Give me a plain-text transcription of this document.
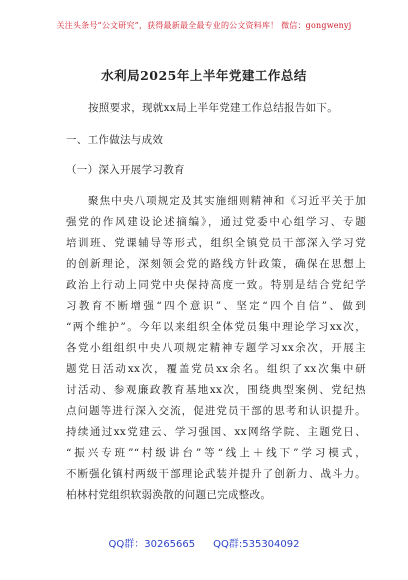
关注头条号“公文研究”，获得最新最全最专业的公文资料库！ 微信：gongwenyj
水利局2025年上半年党建工作总结
按照要求，现就xx局上半年党建工作总结报告如下。
一、工作做法与成效
（一）深入开展学习教育
聚焦中央八项规定及其实施细则精神和《习近平关于加
强党的作风建设论述摘编》，通过党委中心组学习、专题
培训班、党课辅导等形式，组织全镇党员干部深入学习党
的创新理论，深刻领会党的路线方针政策，确保在思想上
政治上行动上同党中央保持高度一致。特别是结合党纪学
习教育不断增强“四个意识”、坚定“四个自信”、做到
“两个维护”。今年以来组织全体党员集中理论学习xx次，
各党小组组织中央八项规定精神专题学习xx余次，开展主
题党日活动xx次，覆盖党员xx余名。组织了xx次集中研
讨活动、参观廉政教育基地xx次，围绕典型案例、党纪热
点问题等进行深入交流，促进党员干部的思考和认识提升。
持续通过xx党建云、学习强国、xx网络学院、主题党日、
“振兴专班”“村级讲台”等“线上＋线下”学习模式，
不断强化镇村两级干部理论武装并提升了创新力、战斗力。
柏林村党组织软弱涣散的问题已完成整改。
QQ群：30265665 QQ群:535304092
